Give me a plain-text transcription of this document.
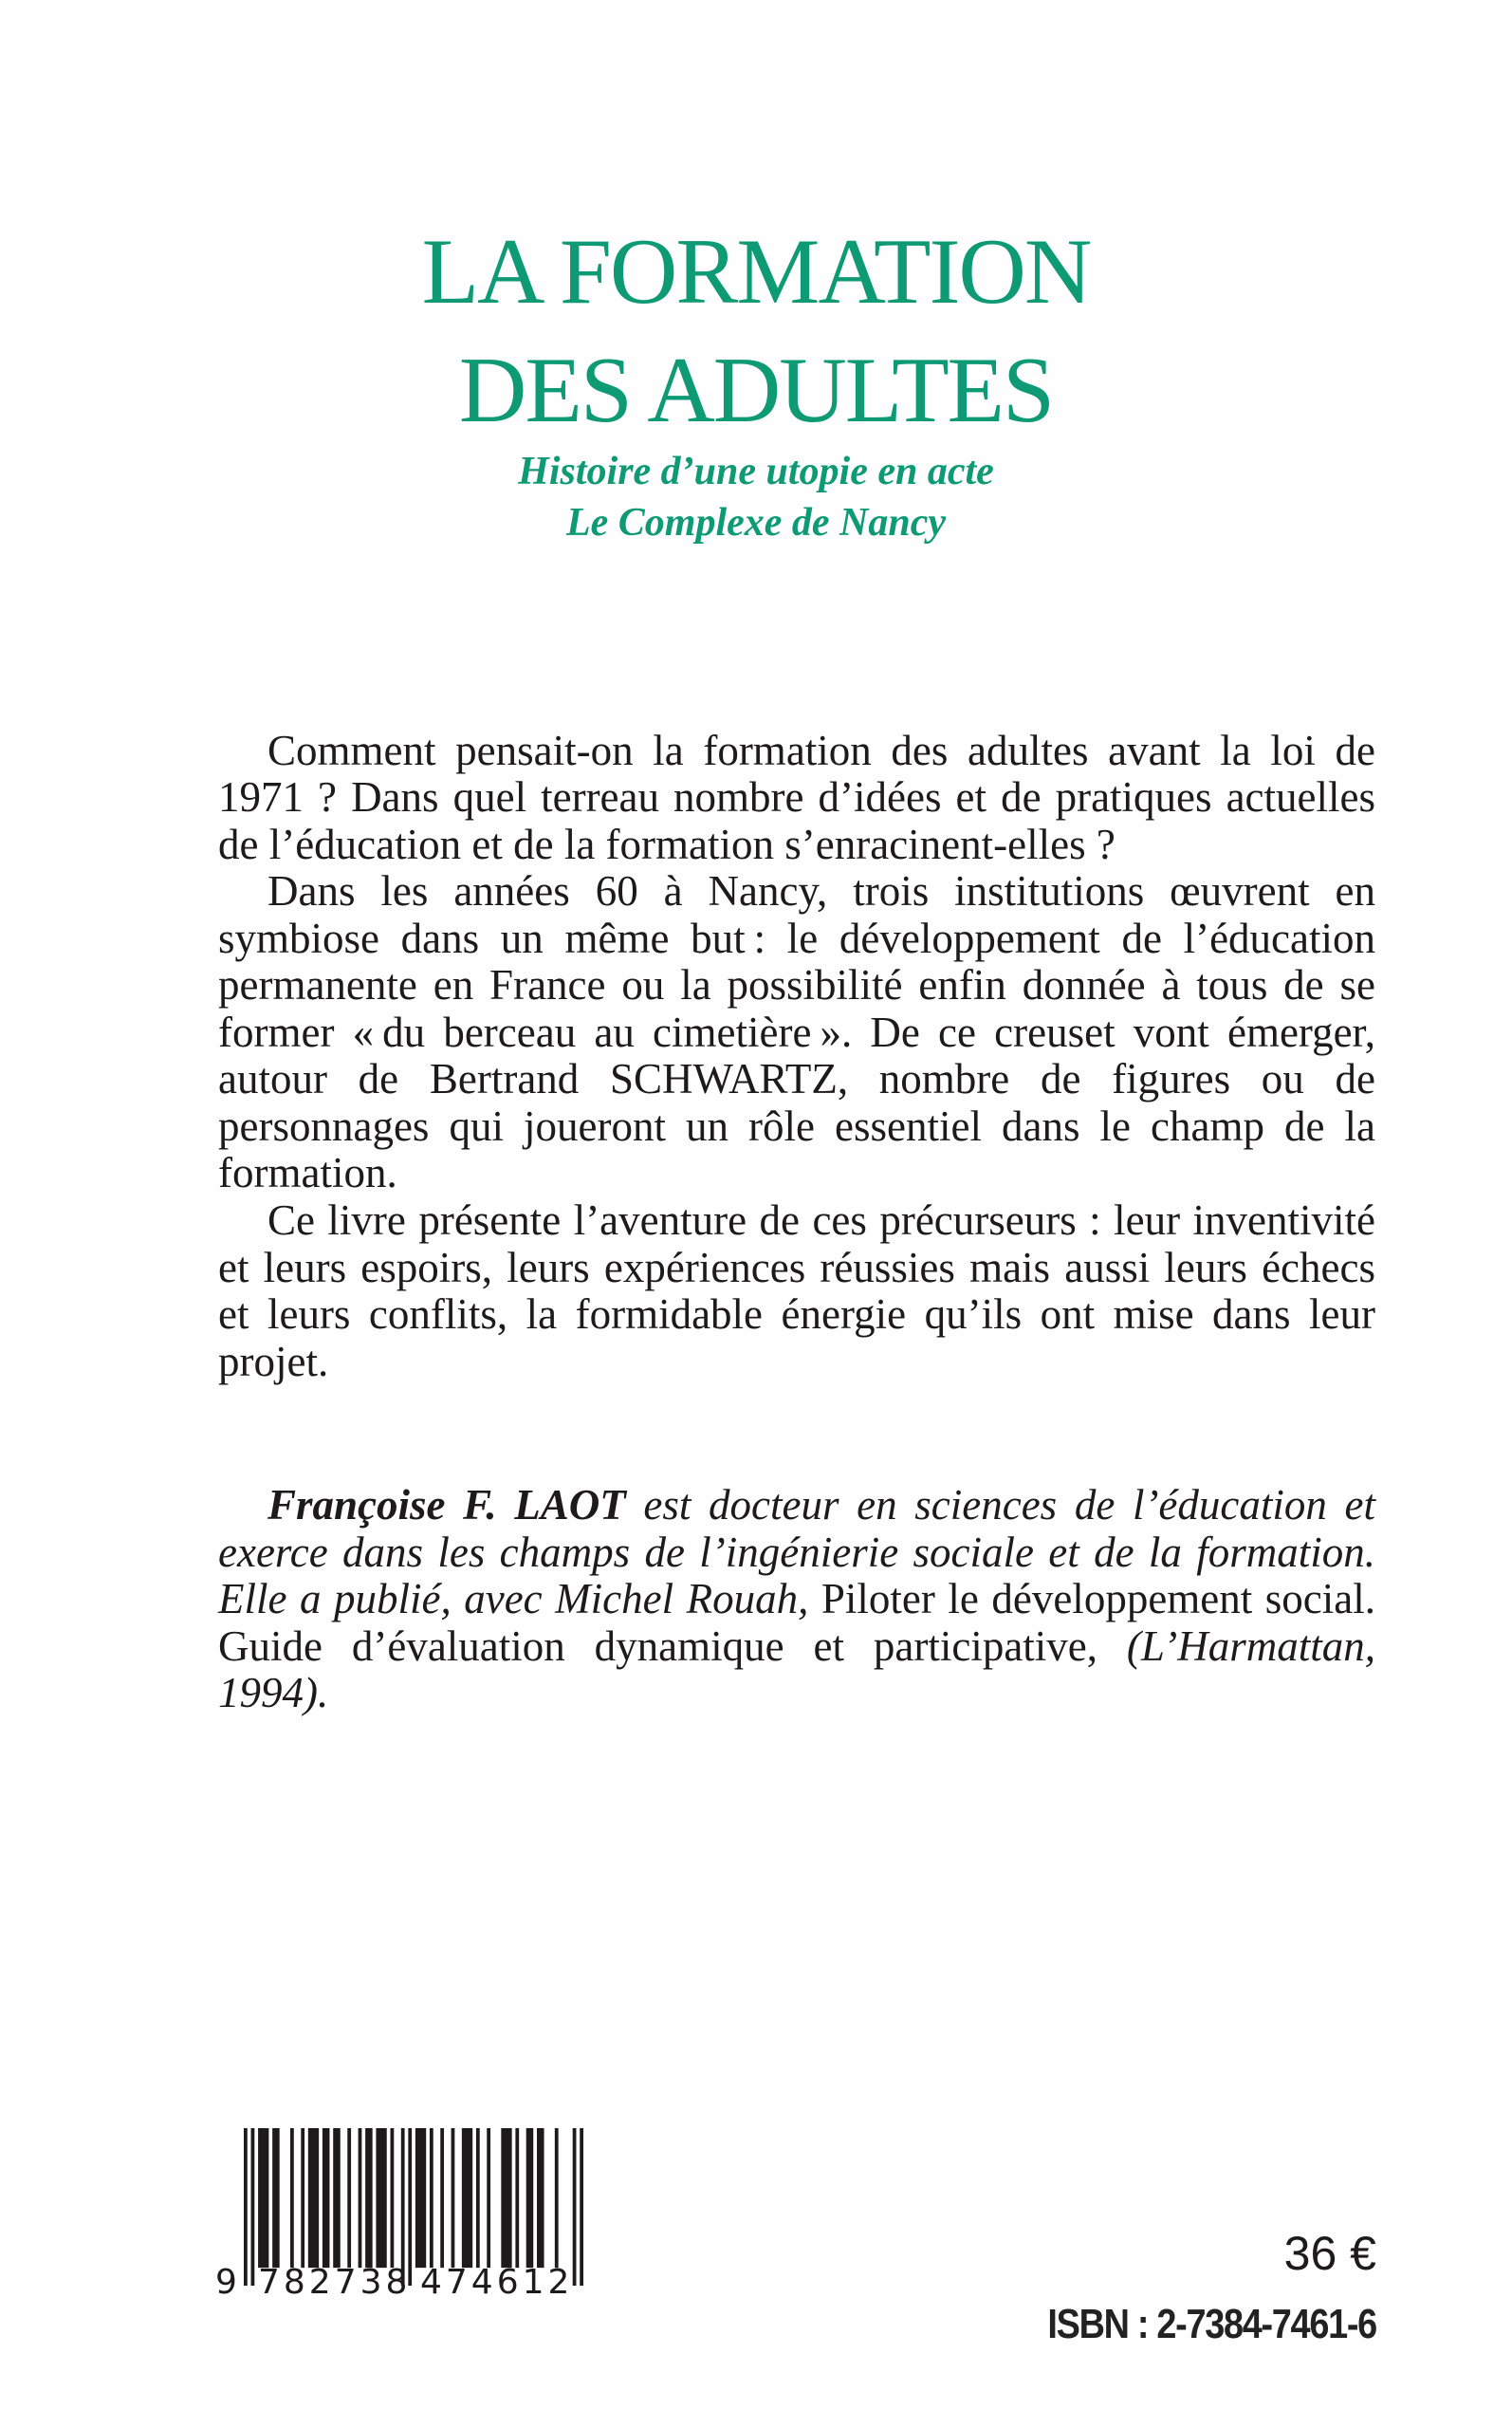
LA FORMATION
DES ADULTES
Histoire d’une utopie en acte
Le Complexe de Nancy
Comment pensait-on la formation des adultes avant la loi de
1971 ? Dans quel terreau nombre d’idées et de pratiques actuelles
de l’éducation et de la formation s’enracinent-elles ?
Dans les années 60 à Nancy, trois institutions œuvrent en
symbiose dans un même but : le développement de l’éducation
permanente en France ou la possibilité enfin donnée à tous de se
former « du berceau au cimetière ». De ce creuset vont émerger,
autour de Bertrand SCHWARTZ, nombre de figures ou de
personnages qui joueront un rôle essentiel dans le champ de la
formation.
Ce livre présente l’aventure de ces précurseurs : leur inventivité
et leurs espoirs, leurs expériences réussies mais aussi leurs échecs
et leurs conflits, la formidable énergie qu’ils ont mise dans leur
projet.
Françoise F. LAOT est docteur en sciences de l’éducation et
exerce dans les champs de l’ingénierie sociale et de la formation.
Elle a publié, avec Michel Rouah, Piloter le développement social.
Guide d’évaluation dynamique et participative, (L’Harmattan,
1994).
9 782738 474612
36 €
ISBN : 2-7384-7461-6
